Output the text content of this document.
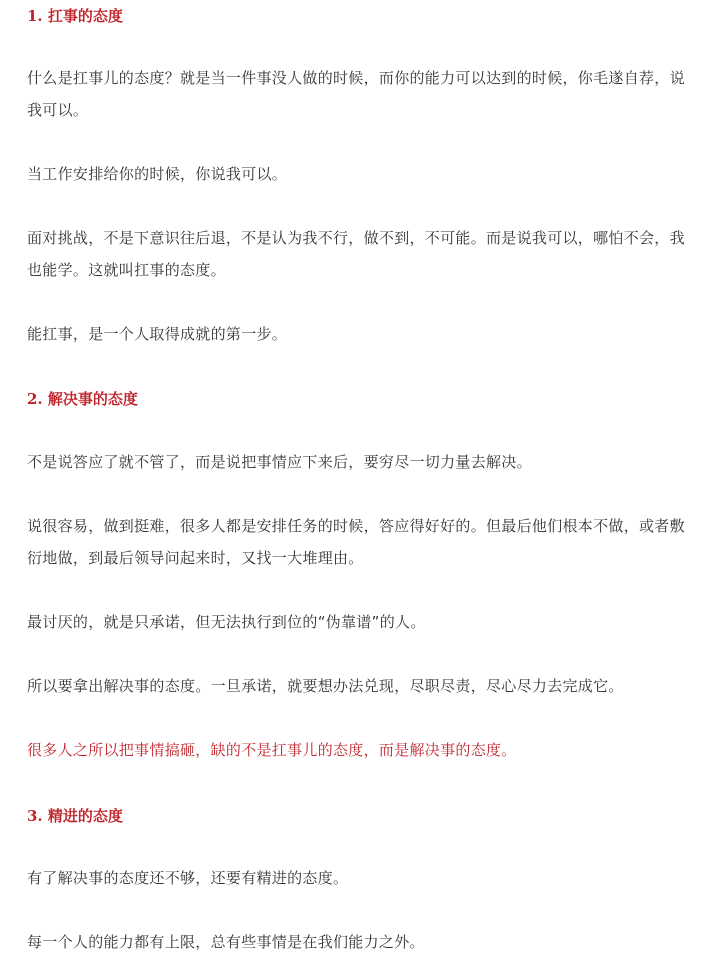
1. 扛事的态度
什么是扛事儿的态度？就是当一件事没人做的时候，而你的能力可以达到的时候，你毛遂自荐，说我可以。
当工作安排给你的时候，你说我可以。
面对挑战，不是下意识往后退，不是认为我不行，做不到，不可能。而是说我可以，哪怕不会，我也能学。这就叫扛事的态度。
能扛事，是一个人取得成就的第一步。
2. 解决事的态度
不是说答应了就不管了，而是说把事情应下来后，要穷尽一切力量去解决。
说很容易，做到挺难，很多人都是安排任务的时候，答应得好好的。但最后他们根本不做，或者敷衍地做，到最后领导问起来时，又找一大堆理由。
最讨厌的，就是只承诺，但无法执行到位的“伪靠谱”的人。
所以要拿出解决事的态度。一旦承诺，就要想办法兑现，尽职尽责，尽心尽力去完成它。
很多人之所以把事情搞砸，缺的不是扛事儿的态度，而是解决事的态度。
3. 精进的态度
有了解决事的态度还不够，还要有精进的态度。
每一个人的能力都有上限，总有些事情是在我们能力之外。
